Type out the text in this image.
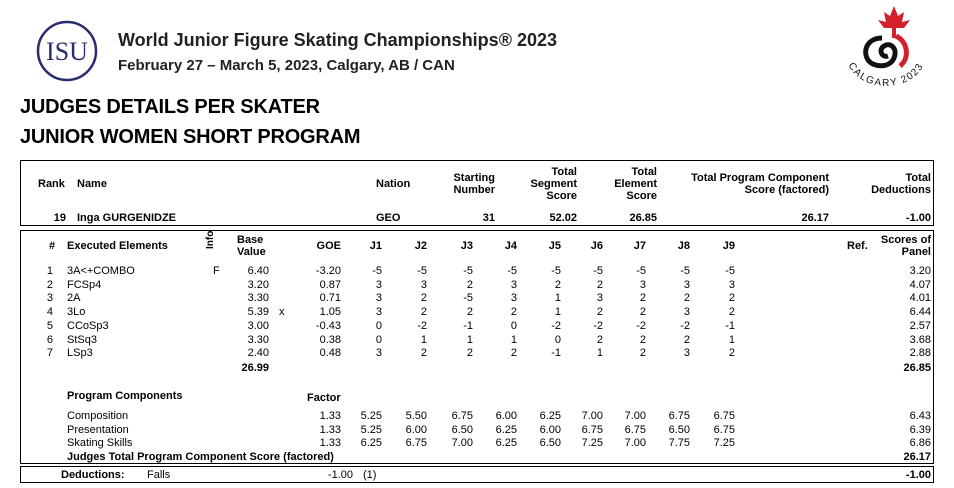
ISU World Junior Figure Skating Championships® 2023
February 27 – March 5, 2023, Calgary, AB / CAN	CALGARY 2023
JUDGES DETAILS PER SKATER
JUNIOR WOMEN SHORT PROGRAM
Rank Name	Nation	Starting
Number
Total
Segment
Score
Total
Element
Score
Total Program Component
Score (factored)
Total
Deductions
19 Inga GURGENIDZE	GEO	31	52.02	26.85	26.17	-1.00
# Executed Elements	Info Base
Value	GOE	J1	J2	J3	J4	J5	J6	J7	J8	J9	Ref.	Scores of
Panel
1 3A<+COMBO	F	6.40	-3.20	-5	-5	-5	-5	-5	-5	-5	-5	-5	3.20
2 FCSp4	3.20	0.87	3	3	2	3	2	2	3	3	3	4.07
3 2A	3.30	0.71	3	2	-5	3	1	3	2	2	2	4.01
4 3Lo	5.39 x	1.05	3	2	2	2	1	2	2	3	2	6.44
5 CCoSp3	3.00	-0.43	0	-2	-1	0	-2	-2	-2	-2	-1	2.57
6 StSq3	3.30	0.38	0	1	1	1	0	2	2	2	1	3.68
7 LSp3	2.40	0.48	3	2	2	2	-1	1	2	3	2	2.88
26.99	26.85
Program Components	Factor
Composition	1.33	5.25	5.50	6.75	6.00	6.25	7.00	7.00	6.75	6.75	6.43
Presentation	1.33	5.25	6.00	6.50	6.25	6.00	6.75	6.75	6.50	6.75	6.39
Skating Skills	1.33	6.25	6.75	7.00	6.25	6.50	7.25	7.00	7.75	7.25	6.86
Judges Total Program Component Score (factored)	26.17
Deductions: Falls	-1.00 (1)	-1.00
